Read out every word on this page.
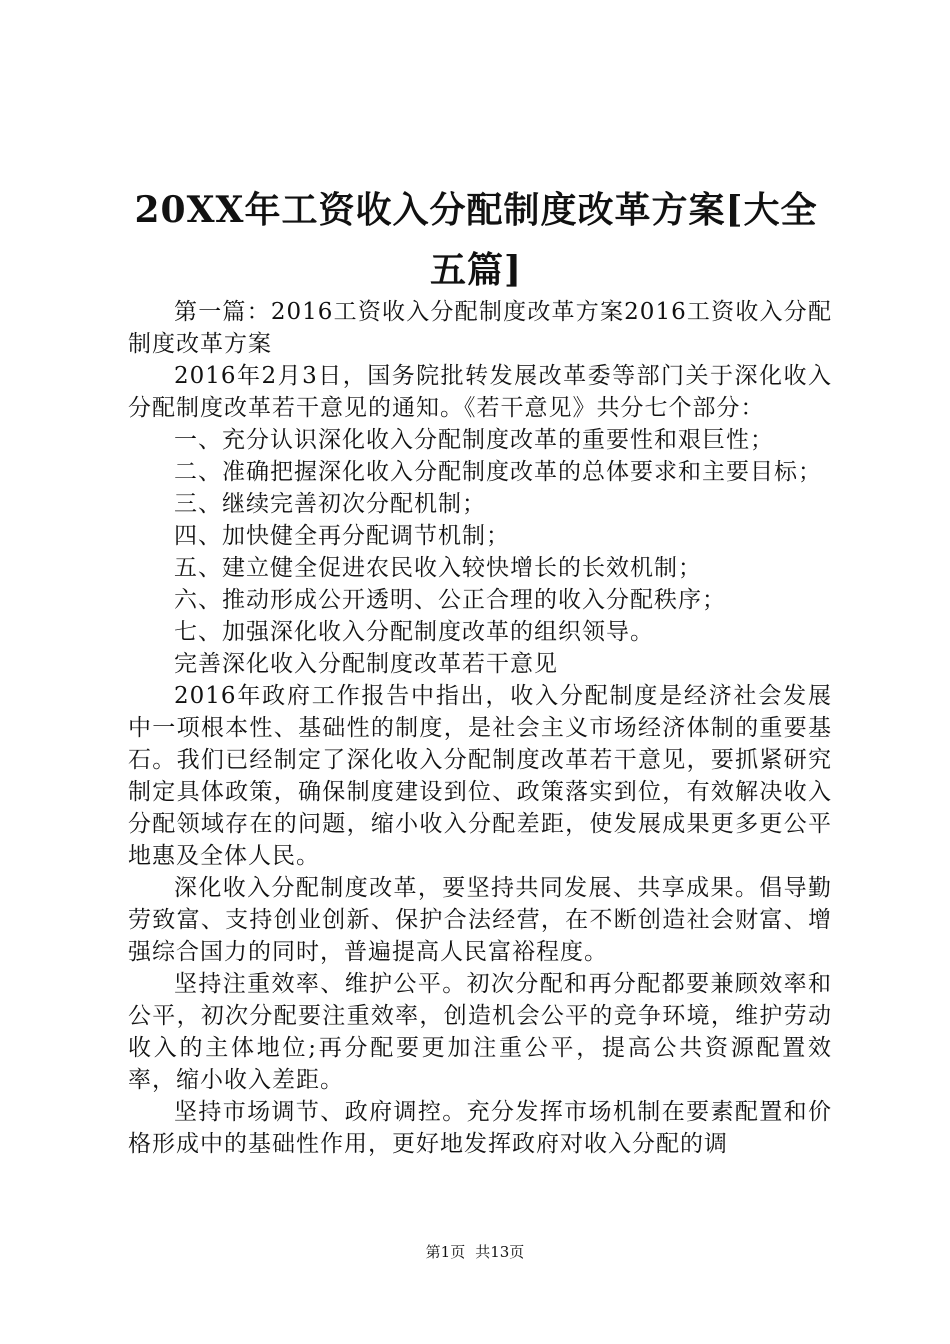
20XX年工资收入分配制度改革方案[大全五篇]

第一篇：2016工资收入分配制度改革方案2016工资收入分配制度改革方案

2016年2月3日，国务院批转发展改革委等部门关于深化收入分配制度改革若干意见的通知。《若干意见》共分七个部分：

一、充分认识深化收入分配制度改革的重要性和艰巨性；

二、准确把握深化收入分配制度改革的总体要求和主要目标；

三、继续完善初次分配机制；

四、加快健全再分配调节机制；

五、建立健全促进农民收入较快增长的长效机制；

六、推动形成公开透明、公正合理的收入分配秩序；

七、加强深化收入分配制度改革的组织领导。

完善深化收入分配制度改革若干意见

2016年政府工作报告中指出，收入分配制度是经济社会发展中一项根本性、基础性的制度，是社会主义市场经济体制的重要基石。我们已经制定了深化收入分配制度改革若干意见，要抓紧研究制定具体政策，确保制度建设到位、政策落实到位，有效解决收入分配领域存在的问题，缩小收入分配差距，使发展成果更多更公平地惠及全体人民。

深化收入分配制度改革，要坚持共同发展、共享成果。倡导勤劳致富、支持创业创新、保护合法经营，在不断创造社会财富、增强综合国力的同时，普遍提高人民富裕程度。

坚持注重效率、维护公平。初次分配和再分配都要兼顾效率和公平，初次分配要注重效率，创造机会公平的竞争环境，维护劳动收入的主体地位;再分配要更加注重公平，提高公共资源配置效率，缩小收入差距。

坚持市场调节、政府调控。充分发挥市场机制在要素配置和价格形成中的基础性作用，更好地发挥政府对收入分配的调

第1页 共13页
